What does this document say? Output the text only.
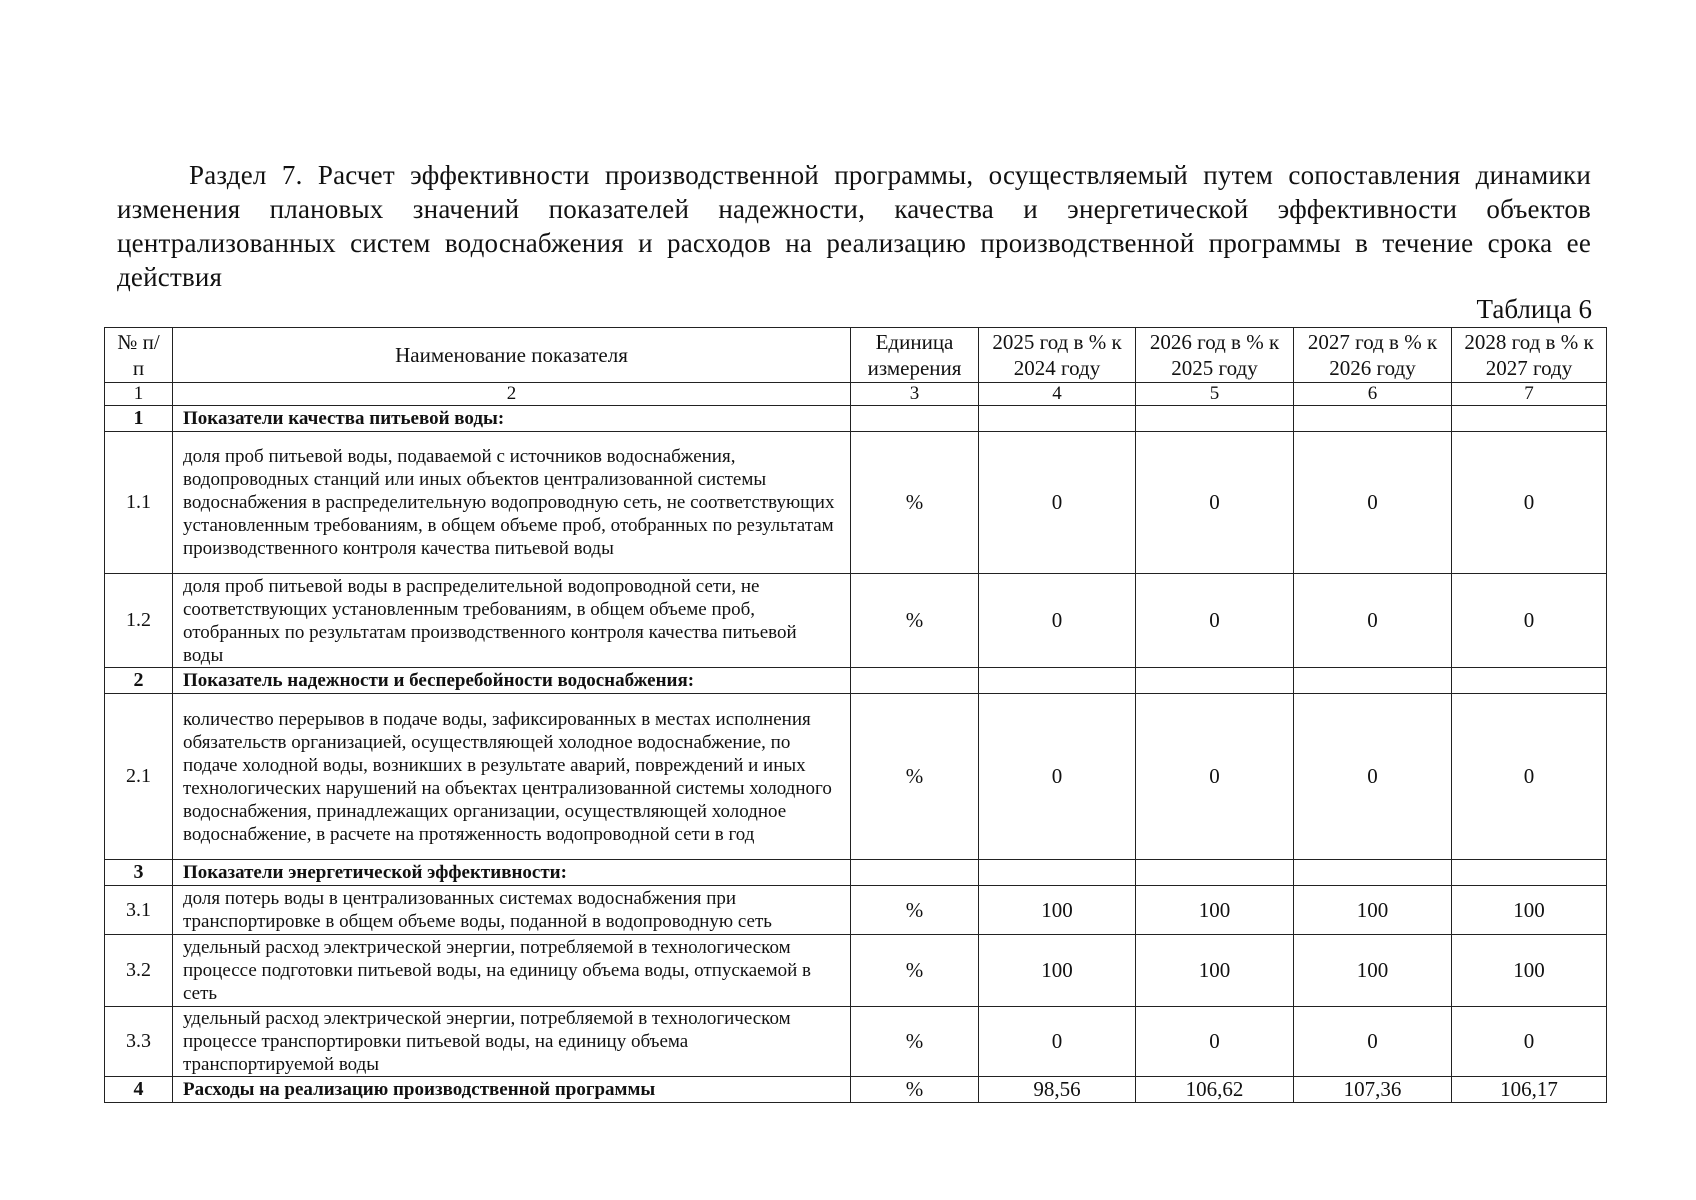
Раздел 7. Расчет эффективности производственной программы, осуществляемый путем сопоставления динамики изменения плановых значений показателей надежности, качества и энергетической эффективности объектов централизованных систем водоснабжения и расходов на реализацию производственной программы в течение срока ее действия
Таблица 6
№ п/п	Наименование показателя	Единица измерения	2025 год в % к 2024 году	2026 год в % к 2025 году	2027 год в % к 2026 году	2028 год в % к 2027 году
1	2	3	4	5	6	7
1	Показатели качества питьевой воды:					
1.1	доля проб питьевой воды, подаваемой с источников водоснабжения, водопроводных станций или иных объектов централизованной системы водоснабжения в распределительную водопроводную сеть, не соответствующих установленным требованиям, в общем объеме проб, отобранных по результатам производственного контроля качества питьевой воды	%	0	0	0	0
1.2	доля проб питьевой воды в распределительной водопроводной сети, не соответствующих установленным требованиям, в общем объеме проб, отобранных по результатам производственного контроля качества питьевой воды	%	0	0	0	0
2	Показатель надежности и бесперебойности водоснабжения:					
2.1	количество перерывов в подаче воды, зафиксированных в местах исполнения обязательств организацией, осуществляющей холодное водоснабжение, по подаче холодной воды, возникших в результате аварий, повреждений и иных технологических нарушений на объектах централизованной системы холодного водоснабжения, принадлежащих организации, осуществляющей холодное водоснабжение, в расчете на протяженность водопроводной сети в год	%	0	0	0	0
3	Показатели энергетической эффективности:					
3.1	доля потерь воды в централизованных системах водоснабжения при транспортировке в общем объеме воды, поданной в водопроводную сеть	%	100	100	100	100
3.2	удельный расход электрической энергии, потребляемой в технологическом процессе подготовки питьевой воды, на единицу объема воды, отпускаемой в сеть	%	100	100	100	100
3.3	удельный расход электрической энергии, потребляемой в технологическом процессе транспортировки питьевой воды, на единицу объема транспортируемой воды	%	0	0	0	0
4	Расходы на реализацию производственной программы	%	98,56	106,62	107,36	106,17
